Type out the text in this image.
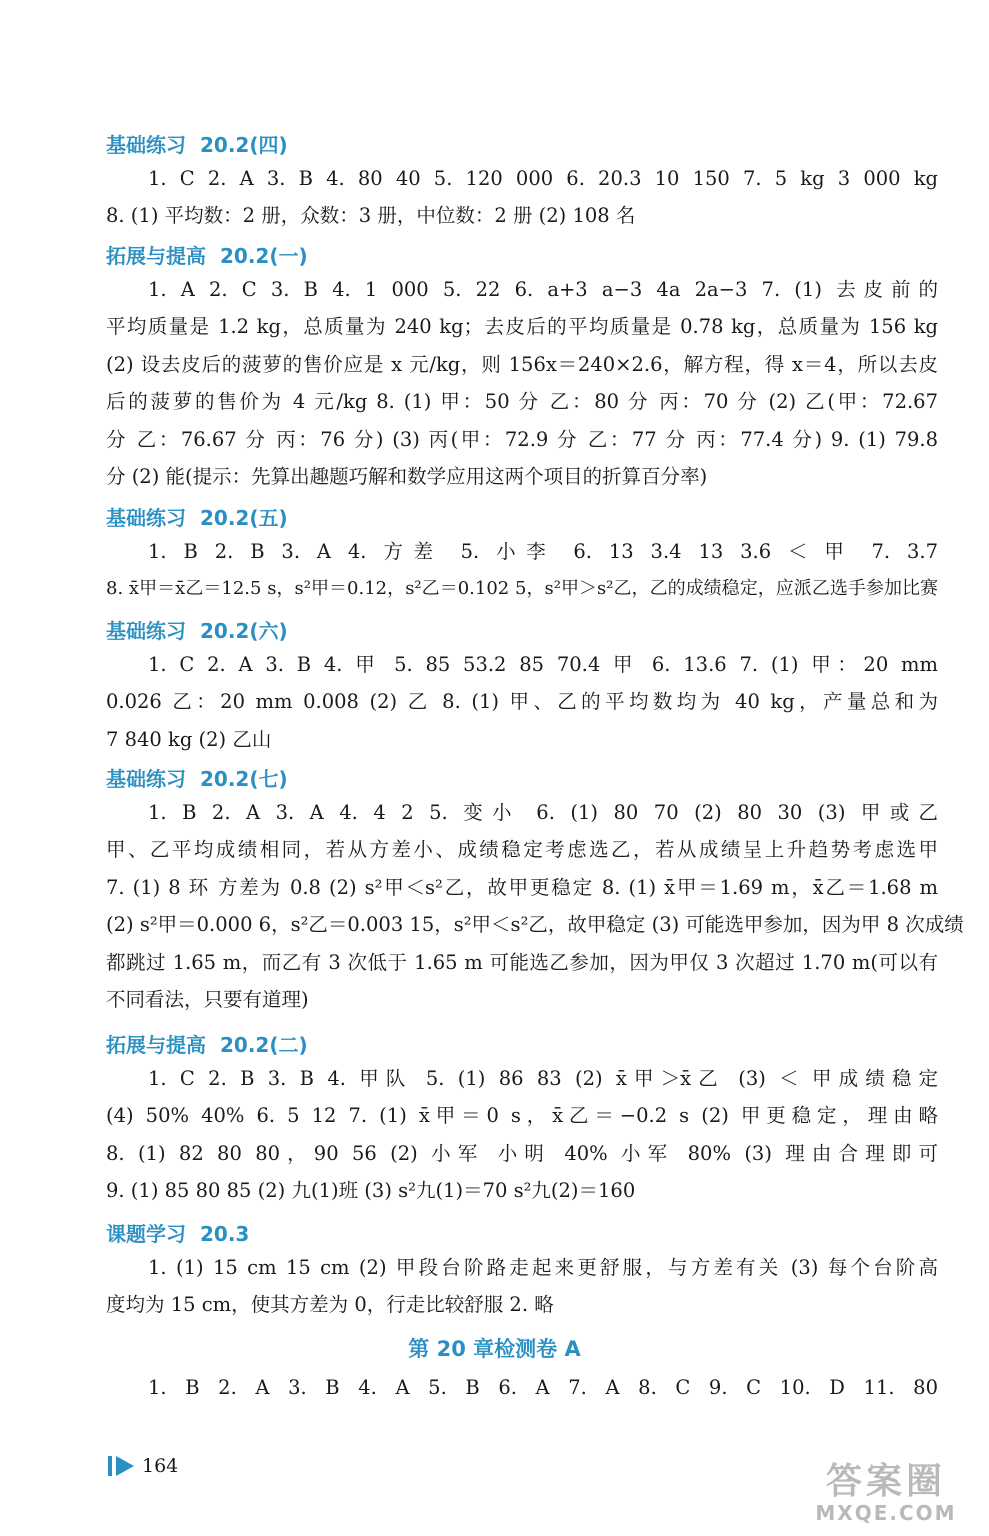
基础练习 20.2(四)
1. C 2. A 3. B 4. 80 40 5. 120 000 6. 20.3 10 150 7. 5 kg 3 000 kg
8. (1) 平均数：2 册，众数：3 册，中位数：2 册 (2) 108 名
拓展与提高 20.2(一)
1. A 2. C 3. B 4. 1 000 5. 22 6. a+3 a−3 4a 2a−3 7. (1) 去皮前的
平均质量是 1.2 kg，总质量为 240 kg；去皮后的平均质量是 0.78 kg，总质量为 156 kg
(2) 设去皮后的菠萝的售价应是 x 元/kg，则 156x＝240×2.6，解方程，得 x＝4，所以去皮
后的菠萝的售价为 4 元/kg 8. (1) 甲：50 分 乙：80 分 丙：70 分 (2) 乙(甲：72.67
分 乙：76.67 分 丙：76 分) (3) 丙(甲：72.9 分 乙：77 分 丙：77.4 分) 9. (1) 79.8
分 (2) 能(提示：先算出趣题巧解和数学应用这两个项目的折算百分率)
基础练习 20.2(五)
1. B 2. B 3. A 4. 方差 5. 小李 6. 13 3.4 13 3.6 ＜ 甲 7. 3.7
8. x̄甲＝x̄乙＝12.5 s，s²甲＝0.12，s²乙＝0.102 5，s²甲＞s²乙，乙的成绩稳定，应派乙选手参加比赛
基础练习 20.2(六)
1. C 2. A 3. B 4. 甲 5. 85 53.2 85 70.4 甲 6. 13.6 7. (1) 甲：20 mm
0.026 乙：20 mm 0.008 (2) 乙 8. (1) 甲、乙的平均数均为 40 kg，产量总和为
7 840 kg (2) 乙山
基础练习 20.2(七)
1. B 2. A 3. A 4. 4 2 5. 变小 6. (1) 80 70 (2) 80 30 (3) 甲或乙
甲、乙平均成绩相同，若从方差小、成绩稳定考虑选乙，若从成绩呈上升趋势考虑选甲
7. (1) 8 环 方差为 0.8 (2) s²甲＜s²乙，故甲更稳定 8. (1) x̄甲＝1.69 m，x̄乙＝1.68 m
(2) s²甲＝0.000 6，s²乙＝0.003 15，s²甲＜s²乙，故甲稳定 (3) 可能选甲参加，因为甲 8 次成绩
都跳过 1.65 m，而乙有 3 次低于 1.65 m 可能选乙参加，因为甲仅 3 次超过 1.70 m(可以有
不同看法，只要有道理)
拓展与提高 20.2(二)
1. C 2. B 3. B 4. 甲队 5. (1) 86 83 (2) x̄甲＞x̄乙 (3) ＜ 甲成绩稳定
(4) 50% 40% 6. 5 12 7. (1) x̄甲＝0 s，x̄乙＝−0.2 s (2) 甲更稳定，理由略
8. (1) 82 80 80，90 56 (2) 小军 小明 40% 小军 80% (3) 理由合理即可
9. (1) 85 80 85 (2) 九(1)班 (3) s²九(1)＝70 s²九(2)＝160
课题学习 20.3
1. (1) 15 cm 15 cm (2) 甲段台阶路走起来更舒服，与方差有关 (3) 每个台阶高
度均为 15 cm，使其方差为 0，行走比较舒服 2. 略
第 20 章检测卷 A
1. B 2. A 3. B 4. A 5. B 6. A 7. A 8. C 9. C 10. D 11. 80
164	答案圈
MXQE.COM
